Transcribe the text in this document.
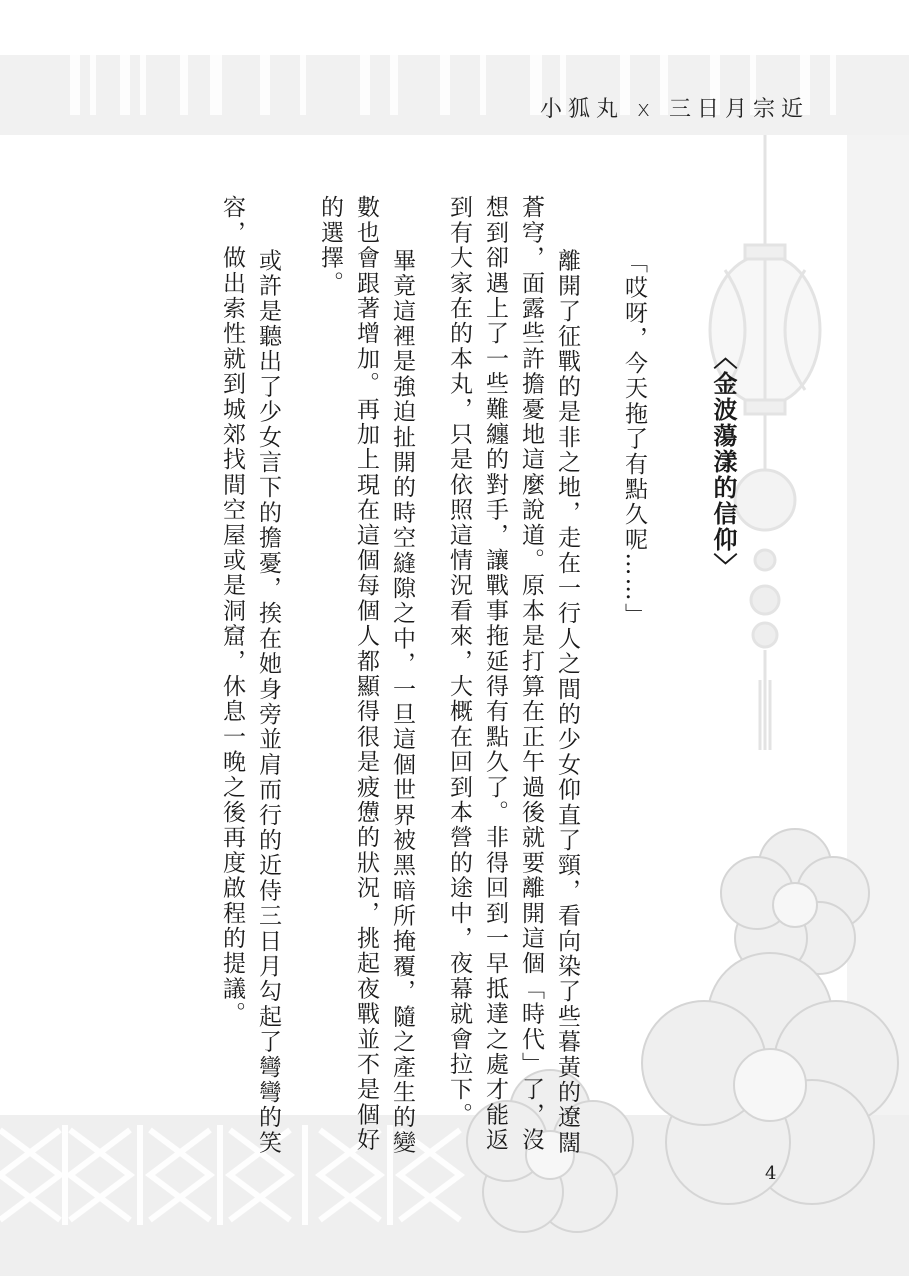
小狐丸 x 三日月宗近
〈金波蕩漾的信仰〉
「哎呀，今天拖了有點久呢……」
　離開了征戰的是非之地，走在一行人之間的少女仰直了頸，看向染了些暮黃的遼闊
蒼穹，面露些許擔憂地這麼說道。原本是打算在正午過後就要離開這個「時代」了，沒
想到卻遇上了一些難纏的對手，讓戰事拖延得有點久了。非得回到一早抵達之處才能返
到有大家在的本丸，只是依照這情況看來，大概在回到本營的途中，夜幕就會拉下。
　畢竟這裡是強迫扯開的時空縫隙之中，一旦這個世界被黑暗所掩覆，隨之產生的變
數也會跟著增加。再加上現在這個每個人都顯得很是疲憊的狀況，挑起夜戰並不是個好
的選擇。
　或許是聽出了少女言下的擔憂，挨在她身旁並肩而行的近侍三日月勾起了彎彎的笑
容，做出索性就到城郊找間空屋或是洞窟，休息一晚之後再度啟程的提議。
4
